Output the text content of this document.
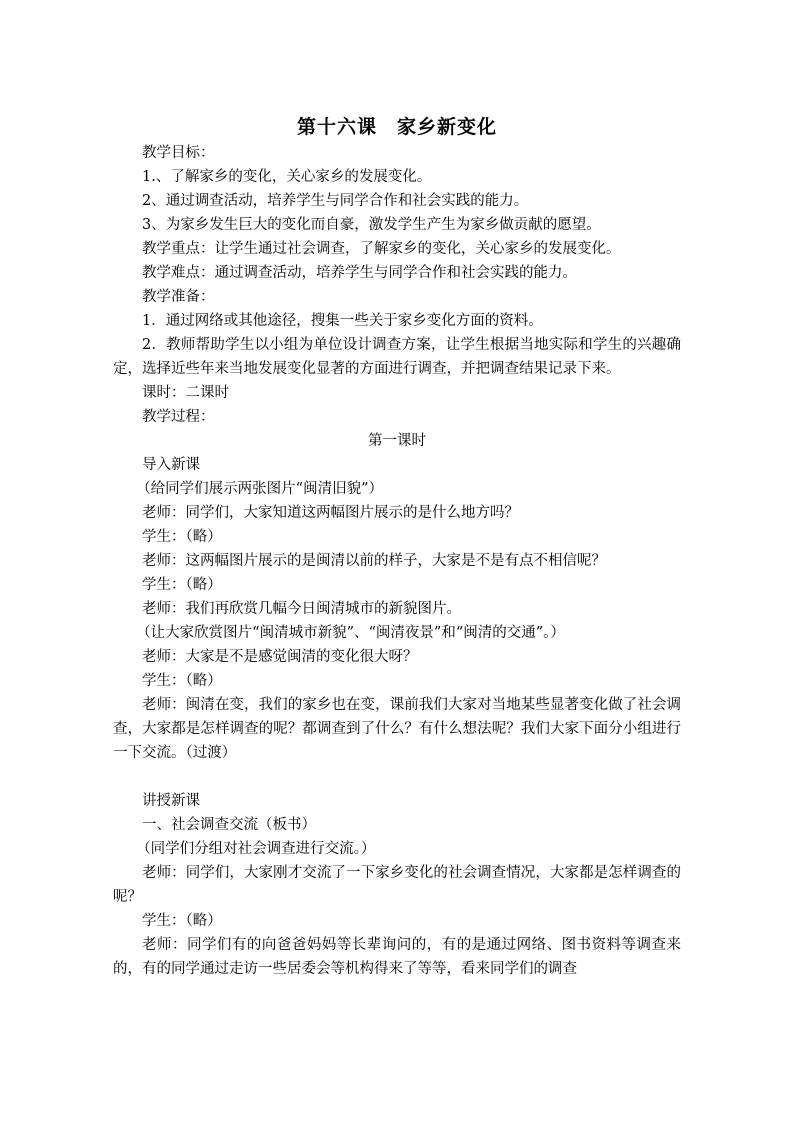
第十六课　家乡新变化
教学目标：
1.、了解家乡的变化，关心家乡的发展变化。
2、通过调查活动，培养学生与同学合作和社会实践的能力。
3、为家乡发生巨大的变化而自豪，激发学生产生为家乡做贡献的愿望。
教学重点：让学生通过社会调查，了解家乡的变化，关心家乡的发展变化。
教学难点：通过调查活动，培养学生与同学合作和社会实践的能力。
教学准备：
1．通过网络或其他途径，搜集一些关于家乡变化方面的资料。
2．教师帮助学生以小组为单位设计调查方案，让学生根据当地实际和学生的兴趣确定，选择近些年来当地发展变化显著的方面进行调查，并把调查结果记录下来。
课时：二课时
教学过程：
第一课时
导入新课
（给同学们展示两张图片“闽清旧貌”）
老师：同学们，大家知道这两幅图片展示的是什么地方吗？
学生：（略）
老师：这两幅图片展示的是闽清以前的样子，大家是不是有点不相信呢？
学生：（略）
老师：我们再欣赏几幅今日闽清城市的新貌图片。
（让大家欣赏图片“闽清城市新貌”、“闽清夜景”和“闽清的交通”。）
老师：大家是不是感觉闽清的变化很大呀？
学生：（略）
老师：闽清在变，我们的家乡也在变，课前我们大家对当地某些显著变化做了社会调查，大家都是怎样调查的呢？都调查到了什么？有什么想法呢？我们大家下面分小组进行一下交流。（过渡）
讲授新课
一、社会调查交流（板书）
（同学们分组对社会调查进行交流。）
老师：同学们，大家刚才交流了一下家乡变化的社会调查情况，大家都是怎样调查的呢？
学生：（略）
老师：同学们有的向爸爸妈妈等长辈询问的，有的是通过网络、图书资料等调查来的，有的同学通过走访一些居委会等机构得来了等等，看来同学们的调查
